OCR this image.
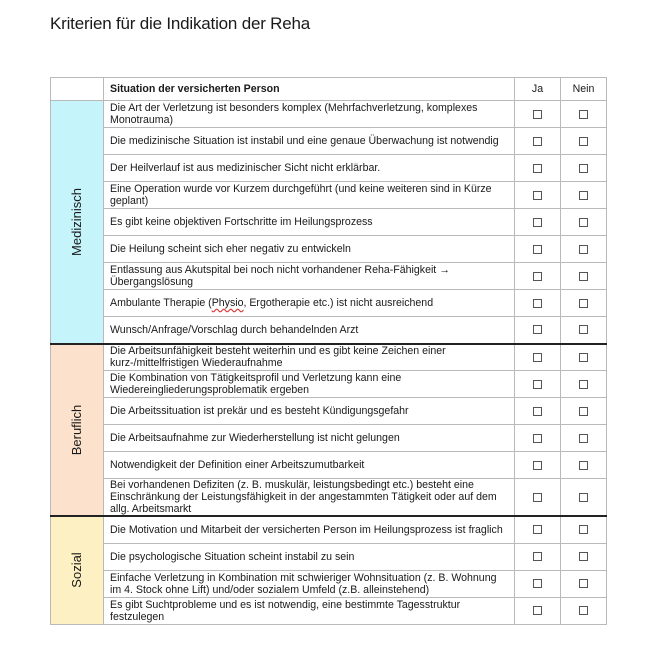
Kriterien für die Indikation der Reha
	Situation der versicherten Person	Ja	Nein

Medizinisch	Die Art der Verletzung ist besonders komplex (Mehrfachverletzung, komplexes Monotrauma)		
	Die medizinische Situation ist instabil und eine genaue Überwachung ist notwendig		
	Der Heilverlauf ist aus medizinischer Sicht nicht erklärbar.		
	Eine Operation wurde vor Kurzem durchgeführt (und keine weiteren sind in Kürze geplant)		
	Es gibt keine objektiven Fortschritte im Heilungsprozess		
	Die Heilung scheint sich eher negativ zu entwickeln		
	Entlassung aus Akutspital bei noch nicht vorhandener Reha-Fähigkeit → Übergangslösung		
	Ambulante Therapie (Physio, Ergotherapie etc.) ist nicht ausreichend		
	Wunsch/Anfrage/Vorschlag durch behandelnden Arzt		

Beruflich	Die Arbeitsunfähigkeit besteht weiterhin und es gibt keine Zeichen einer kurz-/mittelfristigen Wiederaufnahme		
	Die Kombination von Tätigkeitsprofil und Verletzung kann eine Wiedereingliederungsproblematik ergeben		
	Die Arbeitssituation ist prekär und es besteht Kündigungsgefahr		
	Die Arbeitsaufnahme zur Wiederherstellung ist nicht gelungen		
	Notwendigkeit der Definition einer Arbeitszumutbarkeit		
	Bei vorhandenen Defiziten (z. B. muskulär, leistungsbedingt etc.) besteht eine Einschränkung der Leistungsfähigkeit in der angestammten Tätigkeit oder auf dem allg. Arbeitsmarkt		

Sozial	Die Motivation und Mitarbeit der versicherten Person im Heilungsprozess ist fraglich		
	Die psychologische Situation scheint instabil zu sein		
	Einfache Verletzung in Kombination mit schwieriger Wohnsituation (z. B. Wohnung im 4. Stock ohne Lift) und/oder sozialem Umfeld (z.B. alleinstehend)		
	Es gibt Suchtprobleme und es ist notwendig, eine bestimmte Tagesstruktur festzulegen		
